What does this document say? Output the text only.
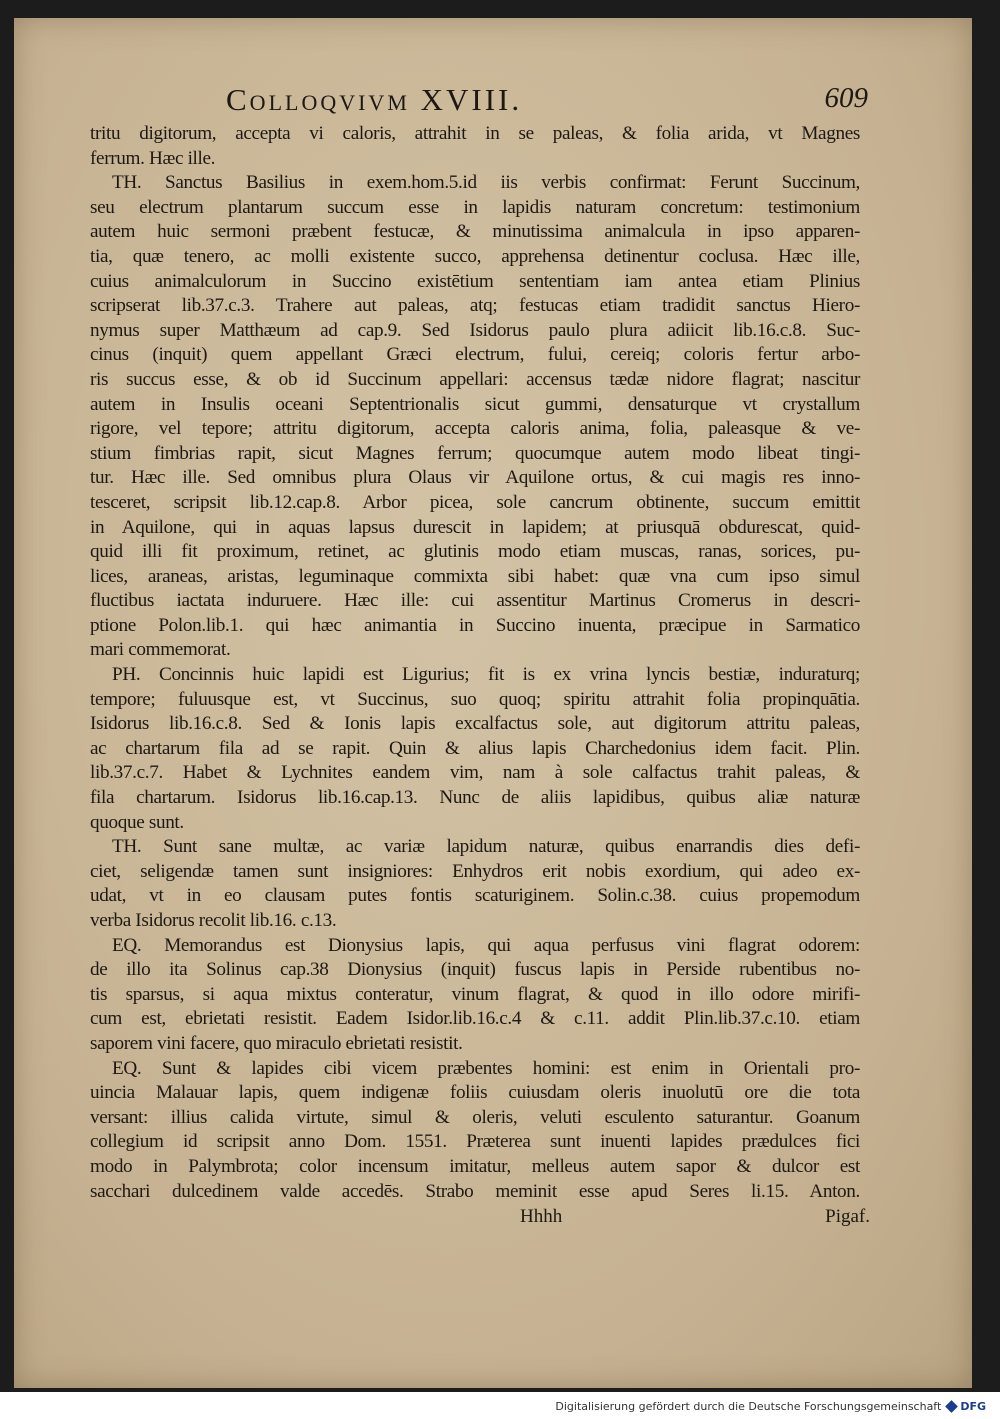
Colloqvivm XVIII.	609
tritu digitorum, accepta vi caloris, attrahit in se paleas, & folia arida, vt Magnes
ferrum. Hæc ille.
TH. Sanctus Basilius in exem.hom.5.id iis verbis confirmat: Ferunt Succinum,
seu electrum plantarum succum esse in lapidis naturam concretum: testimonium
autem huic sermoni præbent festucæ, & minutissima animalcula in ipso apparen-
tia, quæ tenero, ac molli existente succo, apprehensa detinentur coclusa. Hæc ille,
cuius animalculorum in Succino existētium sententiam iam antea etiam Plinius
scripserat lib.37.c.3. Trahere aut paleas, atq; festucas etiam tradidit sanctus Hiero-
nymus super Matthæum ad cap.9. Sed Isidorus paulo plura adiicit lib.16.c.8. Suc-
cinus (inquit) quem appellant Græci electrum, fului, cereiq; coloris fertur arbo-
ris succus esse, & ob id Succinum appellari: accensus tædæ nidore flagrat; nascitur
autem in Insulis oceani Septentrionalis sicut gummi, densaturque vt crystallum
rigore, vel tepore; attritu digitorum, accepta caloris anima, folia, paleasque & ve-
stium fimbrias rapit, sicut Magnes ferrum; quocumque autem modo libeat tingi-
tur. Hæc ille. Sed omnibus plura Olaus vir Aquilone ortus, & cui magis res inno-
tesceret, scripsit lib.12.cap.8. Arbor picea, sole cancrum obtinente, succum emittit
in Aquilone, qui in aquas lapsus durescit in lapidem; at priusquā obdurescat, quid-
quid illi fit proximum, retinet, ac glutinis modo etiam muscas, ranas, sorices, pu-
lices, araneas, aristas, leguminaque commixta sibi habet: quæ vna cum ipso simul
fluctibus iactata induruere. Hæc ille: cui assentitur Martinus Cromerus in descri-
ptione Polon.lib.1. qui hæc animantia in Succino inuenta, præcipue in Sarmatico
mari commemorat.
PH. Concinnis huic lapidi est Ligurius; fit is ex vrina lyncis bestiæ, induraturq;
tempore; fuluusque est, vt Succinus, suo quoq; spiritu attrahit folia propinquātia.
Isidorus lib.16.c.8. Sed & Ionis lapis excalfactus sole, aut digitorum attritu paleas,
ac chartarum fila ad se rapit. Quin & alius lapis Charchedonius idem facit. Plin.
lib.37.c.7. Habet & Lychnites eandem vim, nam à sole calfactus trahit paleas, &
fila chartarum. Isidorus lib.16.cap.13. Nunc de aliis lapidibus, quibus aliæ naturæ
quoque sunt.
TH. Sunt sane multæ, ac variæ lapidum naturæ, quibus enarrandis dies defi-
ciet, seligendæ tamen sunt insigniores: Enhydros erit nobis exordium, qui adeo ex-
udat, vt in eo clausam putes fontis scaturiginem. Solin.c.38. cuius propemodum
verba Isidorus recolit lib.16. c.13.
EQ. Memorandus est Dionysius lapis, qui aqua perfusus vini flagrat odorem:
de illo ita Solinus cap.38 Dionysius (inquit) fuscus lapis in Perside rubentibus no-
tis sparsus, si aqua mixtus conteratur, vinum flagrat, & quod in illo odore mirifi-
cum est, ebrietati resistit. Eadem Isidor.lib.16.c.4 & c.11. addit Plin.lib.37.c.10. etiam
saporem vini facere, quo miraculo ebrietati resistit.
EQ. Sunt & lapides cibi vicem præbentes homini: est enim in Orientali pro-
uincia Malauar lapis, quem indigenæ foliis cuiusdam oleris inuolutū ore die tota
versant: illius calida virtute, simul & oleris, veluti esculento saturantur. Goanum
collegium id scripsit anno Dom. 1551. Præterea sunt inuenti lapides prædulces fici
modo in Palymbrota; color incensum imitatur, melleus autem sapor & dulcor est
sacchari dulcedinem valde accedēs. Strabo meminit esse apud Seres li.15. Anton.
Hhhh	Pigaf.
Digitalisierung gefördert durch die Deutsche Forschungsgemeinschaft DFG
